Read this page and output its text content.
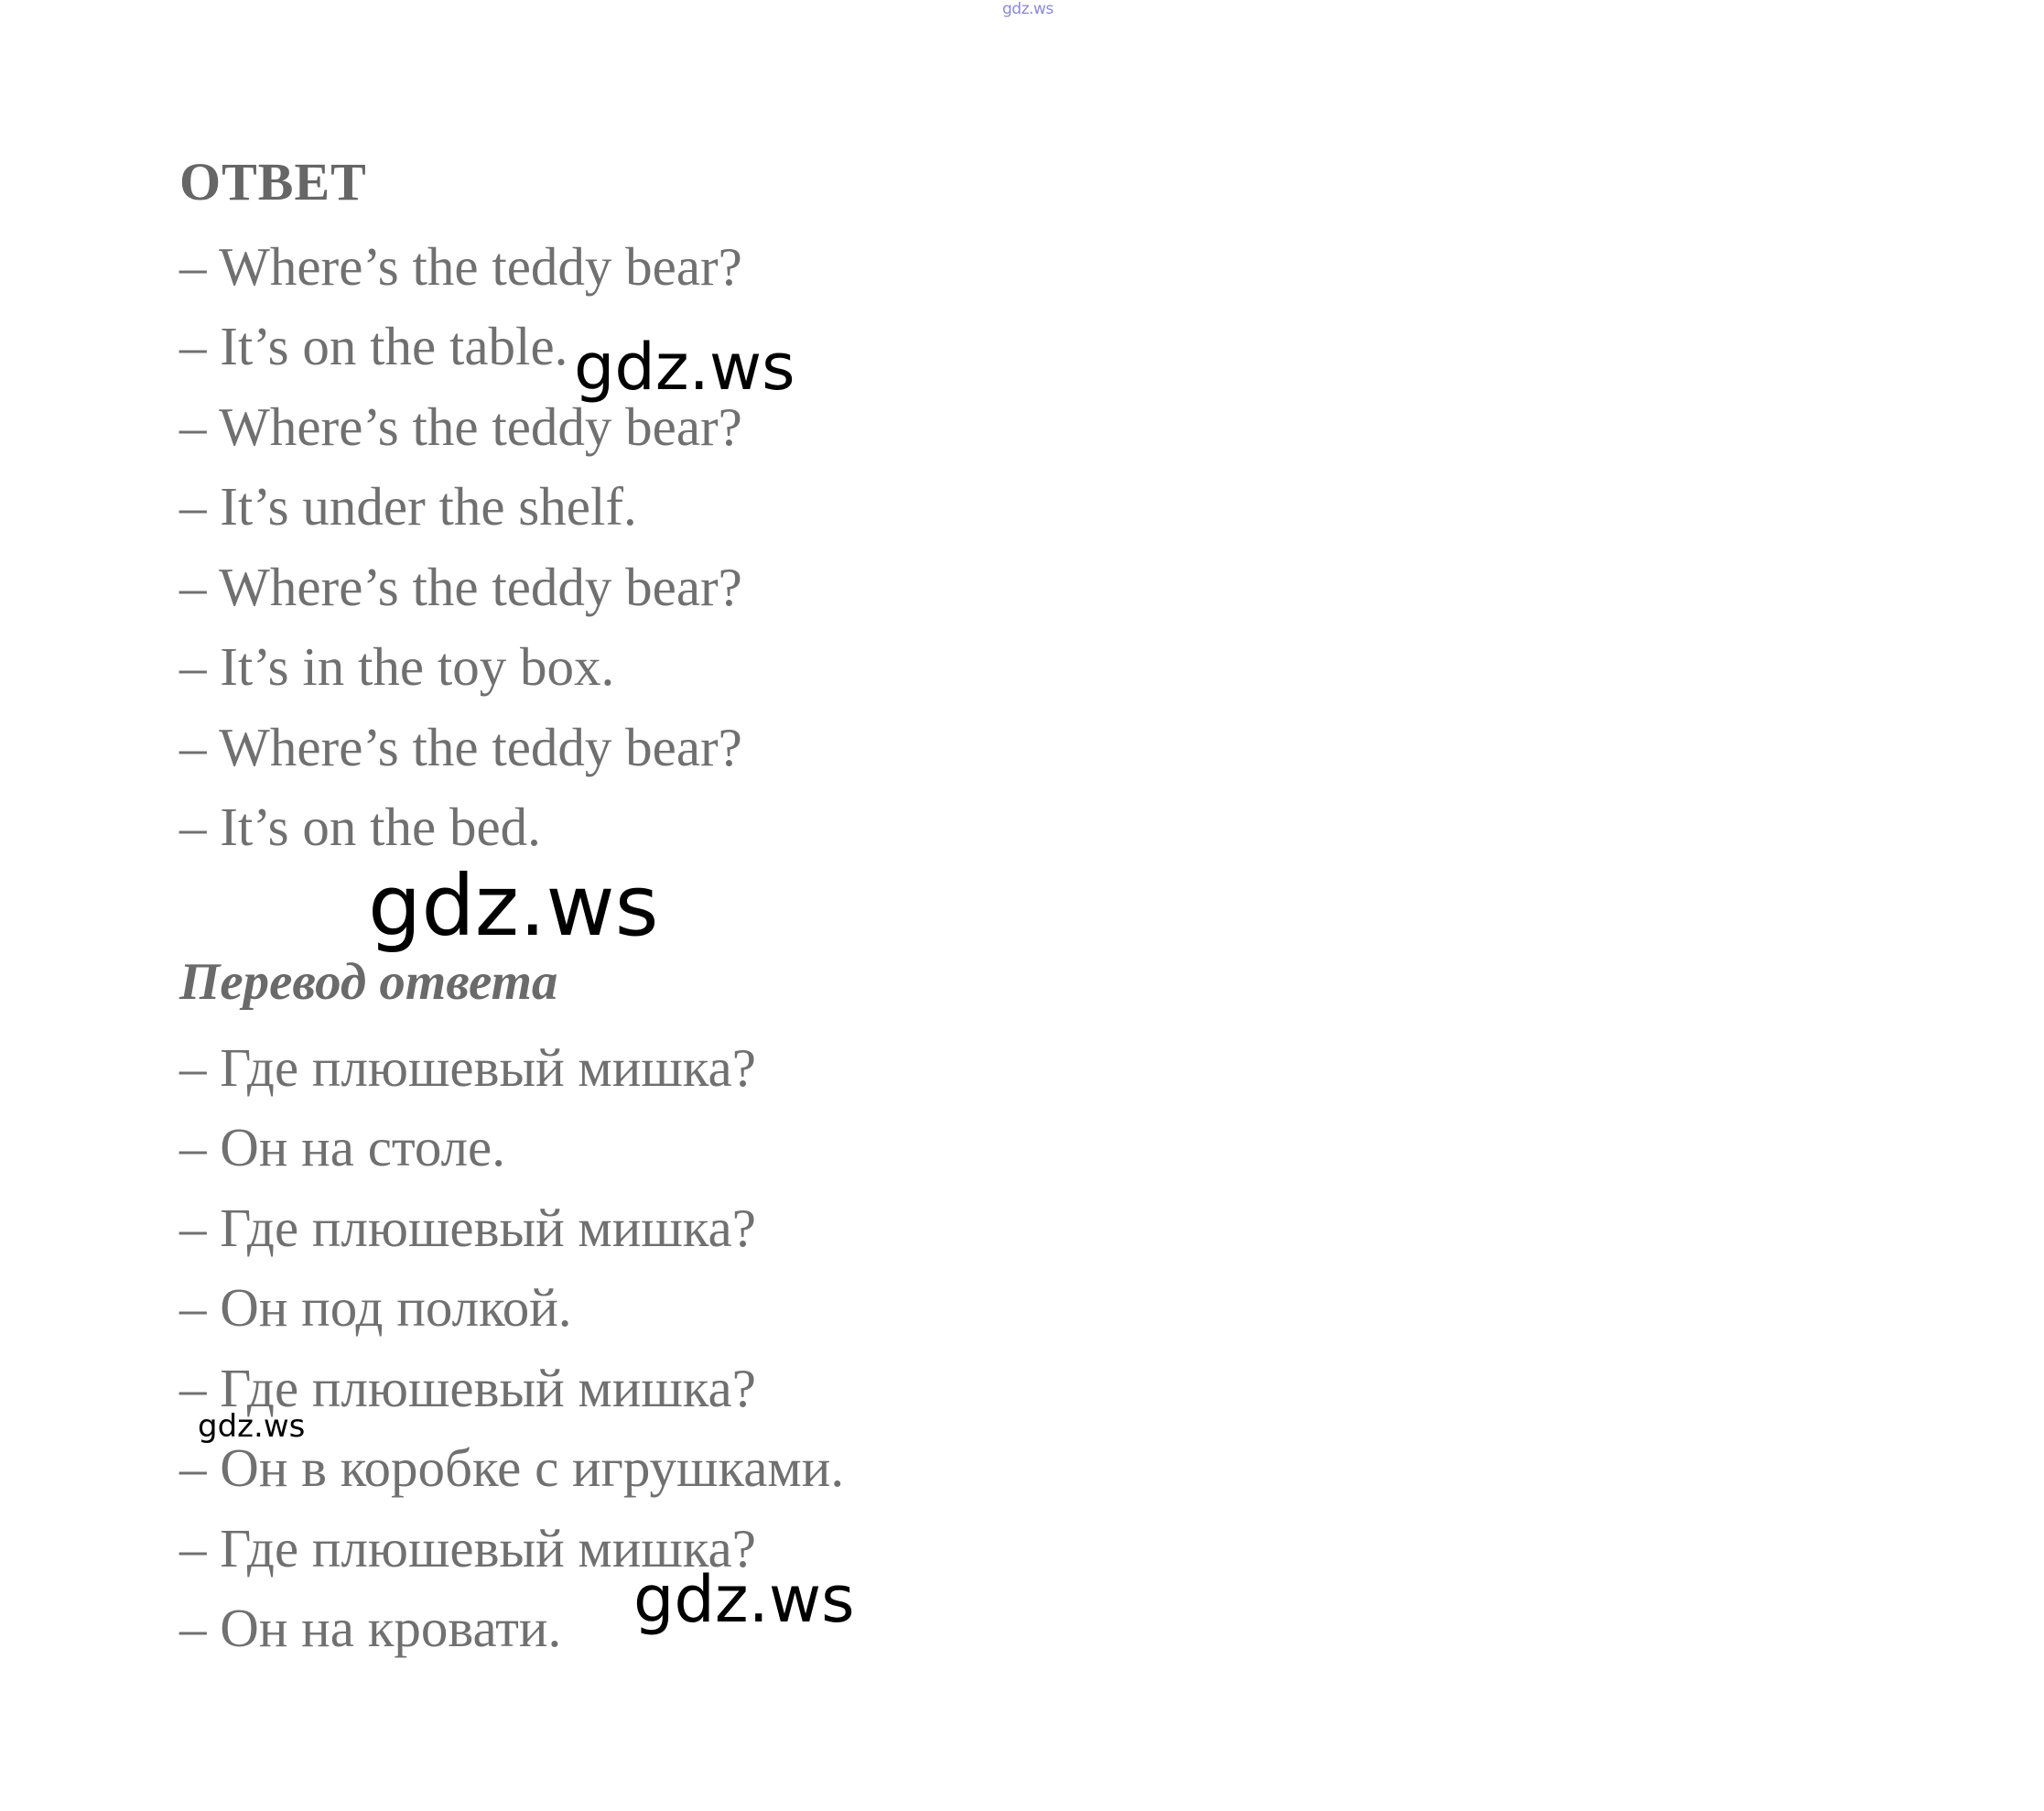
gdz.ws
ОТВЕТ
– Where’s the teddy bear?
– It’s on the table.
– Where’s the teddy bear?
– It’s under the shelf.
– Where’s the teddy bear?
– It’s in the toy box.
– Where’s the teddy bear?
– It’s on the bed.
Перевод ответа
– Где плюшевый мишка?
– Он на столе.
– Где плюшевый мишка?
– Он под полкой.
– Где плюшевый мишка?
– Он в коробке с игрушками.
– Где плюшевый мишка?
– Он на кровати.
gdz.ws
gdz.ws
gdz.ws
gdz.ws
